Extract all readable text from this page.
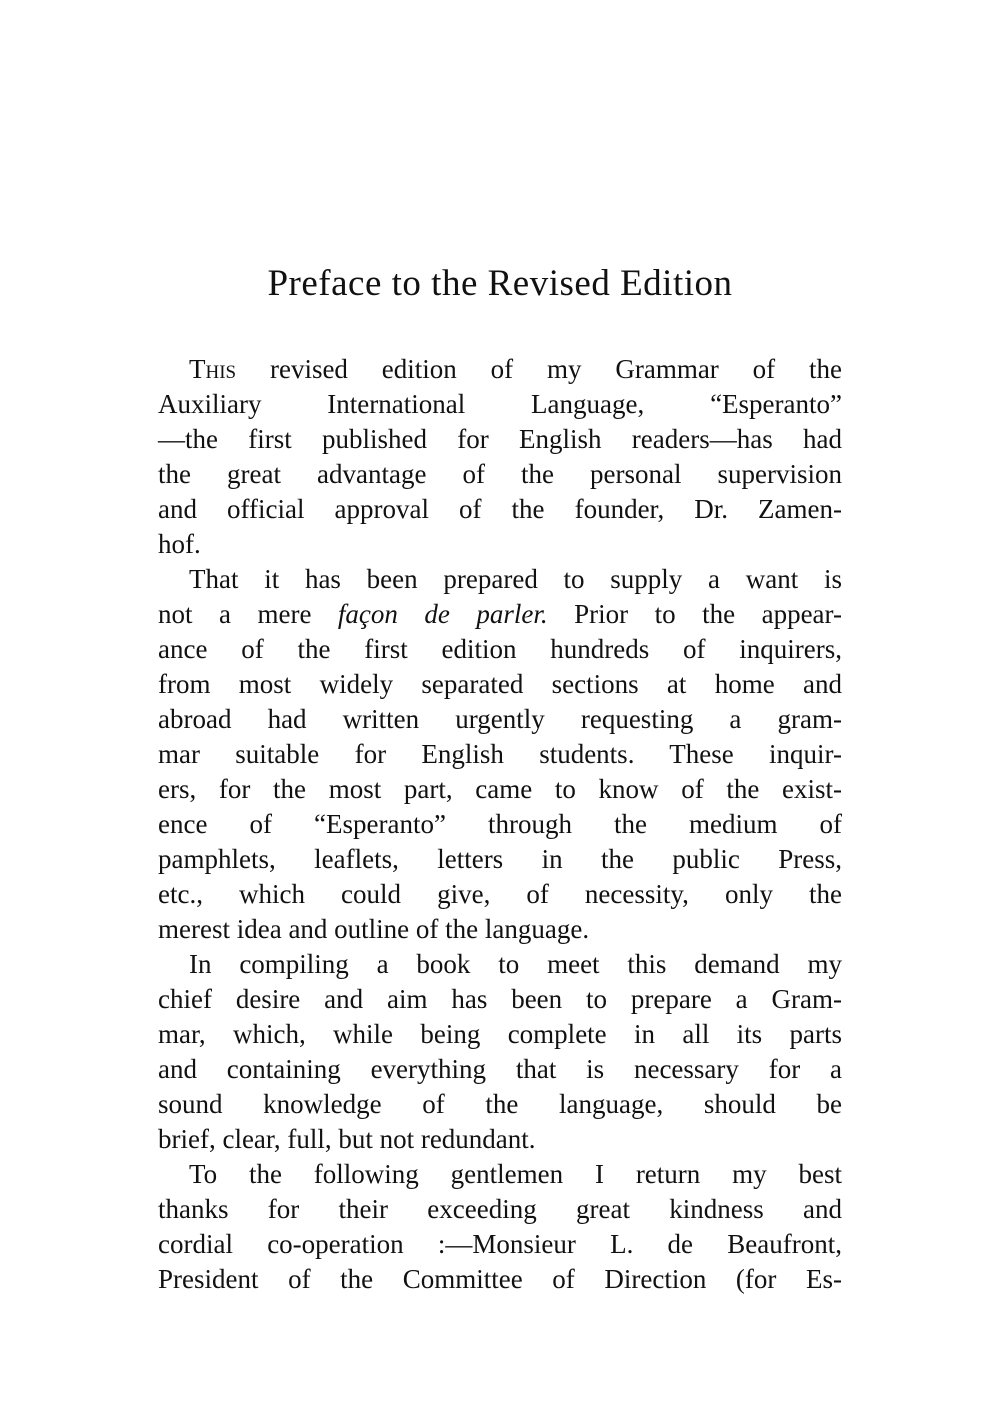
Preface to the Revised Edition
This revised edition of my Grammar of the
Auxiliary International Language, “Esperanto”
—the first published for English readers—has had
the great advantage of the personal supervision
and official approval of the founder, Dr. Zamen-
hof.
That it has been prepared to supply a want is
not a mere façon de parler. Prior to the appear-
ance of the first edition hundreds of inquirers,
from most widely separated sections at home and
abroad had written urgently requesting a gram-
mar suitable for English students. These inquir-
ers, for the most part, came to know of the exist-
ence of “Esperanto” through the medium of
pamphlets, leaflets, letters in the public Press,
etc., which could give, of necessity, only the
merest idea and outline of the language.
In compiling a book to meet this demand my
chief desire and aim has been to prepare a Gram-
mar, which, while being complete in all its parts
and containing everything that is necessary for a
sound knowledge of the language, should be
brief, clear, full, but not redundant.
To the following gentlemen I return my best
thanks for their exceeding great kindness and
cordial co-operation :—Monsieur L. de Beaufront,
President of the Committee of Direction (for Es-
